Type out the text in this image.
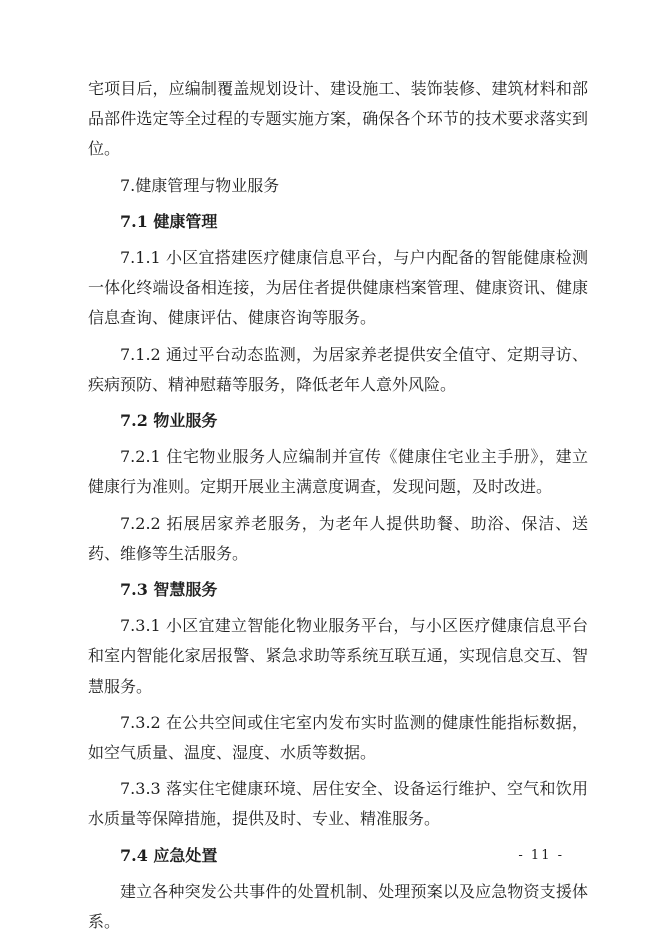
宅项目后，应编制覆盖规划设计、建设施工、装饰装修、建筑材料和部品部件选定等全过程的专题实施方案，确保各个环节的技术要求落实到位。

7.健康管理与物业服务

7.1 健康管理

7.1.1 小区宜搭建医疗健康信息平台，与户内配备的智能健康检测一体化终端设备相连接，为居住者提供健康档案管理、健康资讯、健康信息查询、健康评估、健康咨询等服务。

7.1.2 通过平台动态监测，为居家养老提供安全值守、定期寻访、疾病预防、精神慰藉等服务，降低老年人意外风险。

7.2 物业服务

7.2.1 住宅物业服务人应编制并宣传《健康住宅业主手册》，建立健康行为准则。定期开展业主满意度调查，发现问题，及时改进。

7.2.2 拓展居家养老服务，为老年人提供助餐、助浴、保洁、送药、维修等生活服务。

7.3 智慧服务

7.3.1 小区宜建立智能化物业服务平台，与小区医疗健康信息平台和室内智能化家居报警、紧急求助等系统互联互通，实现信息交互、智慧服务。

7.3.2 在公共空间或住宅室内发布实时监测的健康性能指标数据，如空气质量、温度、湿度、水质等数据。

7.3.3 落实住宅健康环境、居住安全、设备运行维护、空气和饮用水质量等保障措施，提供及时、专业、精准服务。

7.4 应急处置

建立各种突发公共事件的处置机制、处理预案以及应急物资支援体系。

- 11 -
